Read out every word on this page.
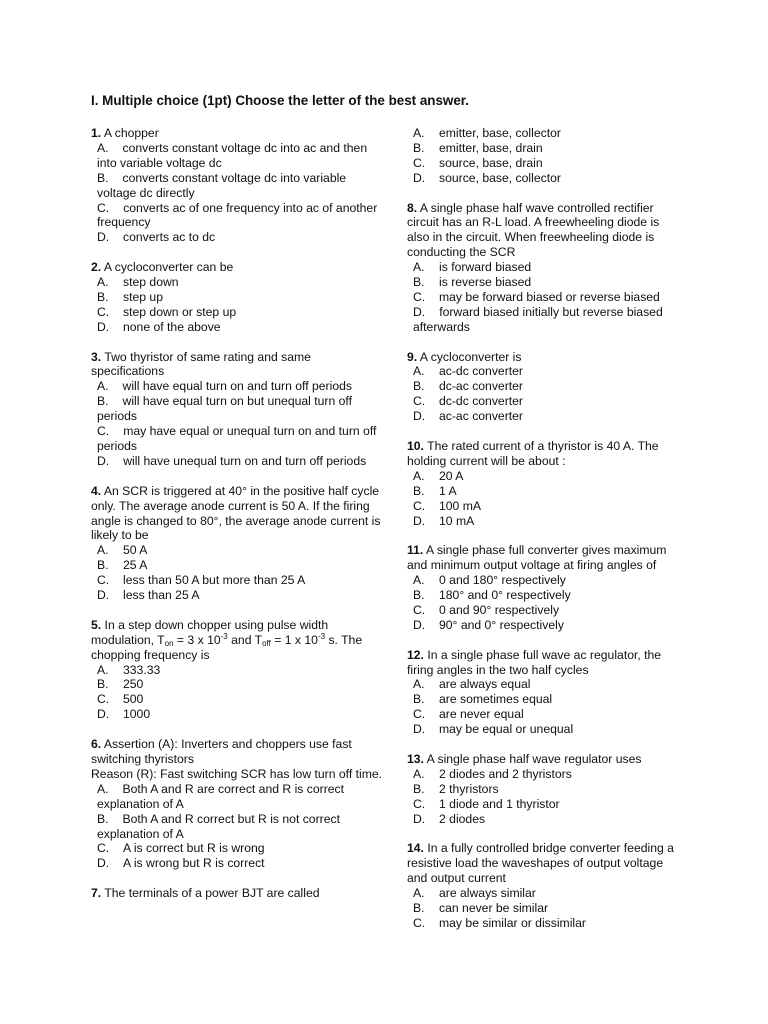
I. Multiple choice (1pt) Choose the letter of the best answer.
1. A chopper
A. converts constant voltage dc into ac and then into variable voltage dc
B. converts constant voltage dc into variable voltage dc directly
C. converts ac of one frequency into ac of another frequency
D. converts ac to dc
2. A cycloconverter can be
A. step down
B. step up
C. step down or step up
D. none of the above
3. Two thyristor of same rating and same specifications
A. will have equal turn on and turn off periods
B. will have equal turn on but unequal turn off periods
C. may have equal or unequal turn on and turn off periods
D. will have unequal turn on and turn off periods
4. An SCR is triggered at 40° in the positive half cycle only. The average anode current is 50 A. If the firing angle is changed to 80°, the average anode current is likely to be
A. 50 A
B. 25 A
C. less than 50 A but more than 25 A
D. less than 25 A
5. In a step down chopper using pulse width modulation, $T_{on} = 3$ x $10^{-3}$ and $T_{off} = 1$ x $10^{-3}$ s. The chopping frequency is
A. 333.33
B. 250
C. 500
D. 1000
6. Assertion (A): Inverters and choppers use fast switching thyristors
Reason (R): Fast switching SCR has low turn off time.
A. Both A and R are correct and R is correct explanation of A
B. Both A and R correct but R is not correct explanation of A
C. A is correct but R is wrong
D. A is wrong but R is correct
7. The terminals of a power BJT are called
A. emitter, base, collector
B. emitter, base, drain
C. source, base, drain
D. source, base, collector
8. A single phase half wave controlled rectifier circuit has an R-L load. A freewheeling diode is also in the circuit. When freewheeling diode is conducting the SCR
A. is forward biased
B. is reverse biased
C. may be forward biased or reverse biased
D. forward biased initially but reverse biased afterwards
9. A cycloconverter is
A. ac-dc converter
B. dc-ac converter
C. dc-dc converter
D. ac-ac converter
10. The rated current of a thyristor is 40 A. The holding current will be about :
A. 20 A
B. 1 A
C. 100 mA
D. 10 mA
11. A single phase full converter gives maximum and minimum output voltage at firing angles of
A. 0 and 180° respectively
B. 180° and 0° respectively
C. 0 and 90° respectively
D. 90° and 0° respectively
12. In a single phase full wave ac regulator, the firing angles in the two half cycles
A. are always equal
B. are sometimes equal
C. are never equal
D. may be equal or unequal
13. A single phase half wave regulator uses
A. 2 diodes and 2 thyristors
B. 2 thyristors
C. 1 diode and 1 thyristor
D. 2 diodes
14. In a fully controlled bridge converter feeding a resistive load the waveshapes of output voltage and output current
A. are always similar
B. can never be similar
C. may be similar or dissimilar
